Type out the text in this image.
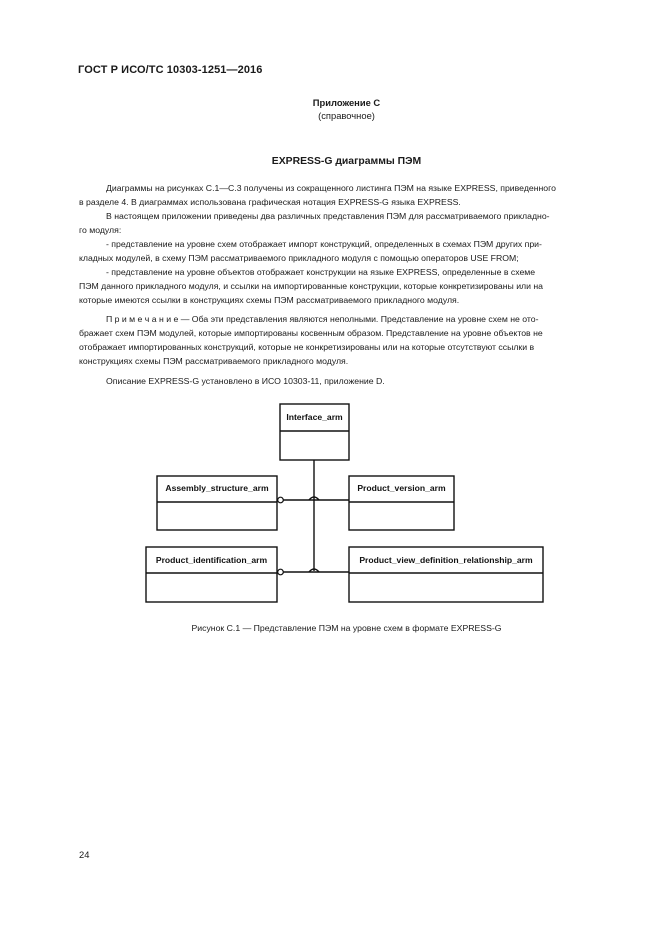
ГОСТ Р ИСО/ТС 10303-1251—2016
Приложение С
(справочное)
EXPRESS-G диаграммы ПЭМ
Диаграммы на рисунках С.1—С.3 получены из сокращенного листинга ПЭМ на языке EXPRESS, приведенного
в разделе 4. В диаграммах использована графическая нотация EXPRESS-G языка EXPRESS.
В настоящем приложении приведены два различных представления ПЭМ для рассматриваемого прикладно-
го модуля:
- представление на уровне схем отображает импорт конструкций, определенных в схемах ПЭМ других при-
кладных модулей, в схему ПЭМ рассматриваемого прикладного модуля с помощью операторов USE FROM;
- представление на уровне объектов отображает конструкции на языке EXPRESS, определенные в схеме
ПЭМ данного прикладного модуля, и ссылки на импортированные конструкции, которые конкретизированы или на
которые имеются ссылки в конструкциях схемы ПЭМ рассматриваемого прикладного модуля.
П р и м е ч а н и е — Оба эти представления являются неполными. Представление на уровне схем не ото-
бражает схем ПЭМ модулей, которые импортированы косвенным образом. Представление на уровне объектов не
отображает импортированных конструкций, которые не конкретизированы или на которые отсутствуют ссылки в
конструкциях схемы ПЭМ рассматриваемого прикладного модуля.
Описание EXPRESS-G установлено в ИСО 10303-11, приложение D.
Interface_arm
Assembly_structure_arm	Product_version_arm
Product_identification_arm	Product_view_definition_relationship_arm
Рисунок С.1 — Представление ПЭМ на уровне схем в формате EXPRESS-G
24
